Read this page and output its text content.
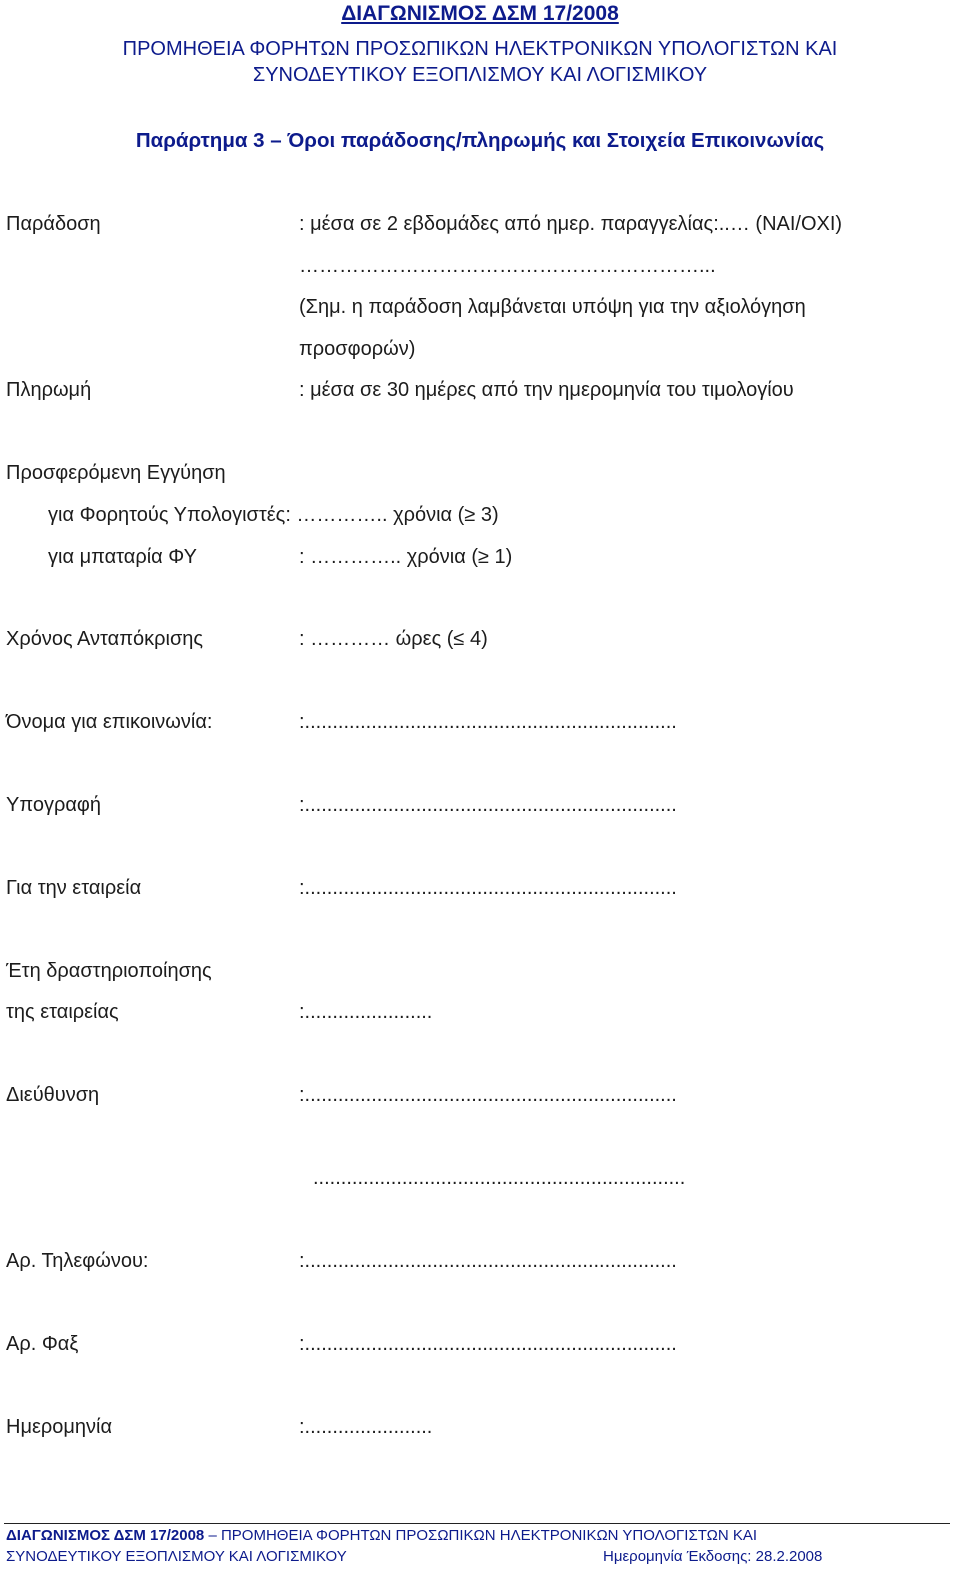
ΔΙΑΓΩΝΙΣΜΟΣ ΔΣΜ 17/2008
ΠΡΟΜΗΘΕΙΑ ΦΟΡΗΤΩΝ ΠΡΟΣΩΠΙΚΩΝ ΗΛΕΚΤΡΟΝΙΚΩΝ ΥΠΟΛΟΓΙΣΤΩΝ ΚΑΙ
ΣΥΝΟΔΕΥΤΙΚΟΥ ΕΞΟΠΛΙΣΜΟΥ ΚΑΙ ΛΟΓΙΣΜΙΚΟΥ
Παράρτημα 3 – Όροι παράδοσης/πληρωμής και Στοιχεία Επικοινωνίας
Παράδοση	: μέσα σε 2 εβδομάδες από ημερ. παραγγελίας:..… (ΝΑΙ/ΟΧΙ)
……………………………………………………...
(Σημ. η παράδοση λαμβάνεται υπόψη για την αξιολόγηση
προσφορών)
Πληρωμή	: μέσα σε 30 ημέρες από την ημερομηνία του τιμολογίου
Προσφερόμενη Εγγύηση
για Φορητούς Υπολογιστές: ………….. χρόνια (≥ 3)
για μπαταρία ΦΥ	: ………….. χρόνια (≥ 1)
Χρόνος Ανταπόκρισης	: ………… ώρες (≤ 4)
Όνομα για επικοινωνία:	:...................................................................
Υπογραφή	:...................................................................
Για την εταιρεία	:...................................................................
Έτη δραστηριοποίησης
της εταιρείας	:.......................
Διεύθυνση	:...................................................................
...................................................................
Αρ. Τηλεφώνου:	:...................................................................
Αρ. Φαξ	:...................................................................
Ημερομηνία	:.......................
ΔΙΑΓΩΝΙΣΜΟΣ ΔΣΜ 17/2008 – ΠΡΟΜΗΘΕΙΑ ΦΟΡΗΤΩΝ ΠΡΟΣΩΠΙΚΩΝ ΗΛΕΚΤΡΟΝΙΚΩΝ ΥΠΟΛΟΓΙΣΤΩΝ ΚΑΙ
ΣΥΝΟΔΕΥΤΙΚΟΥ ΕΞΟΠΛΙΣΜΟΥ ΚΑΙ ΛΟΓΙΣΜΙΚΟΥ	Ημερομηνία Έκδοσης: 28.2.2008
